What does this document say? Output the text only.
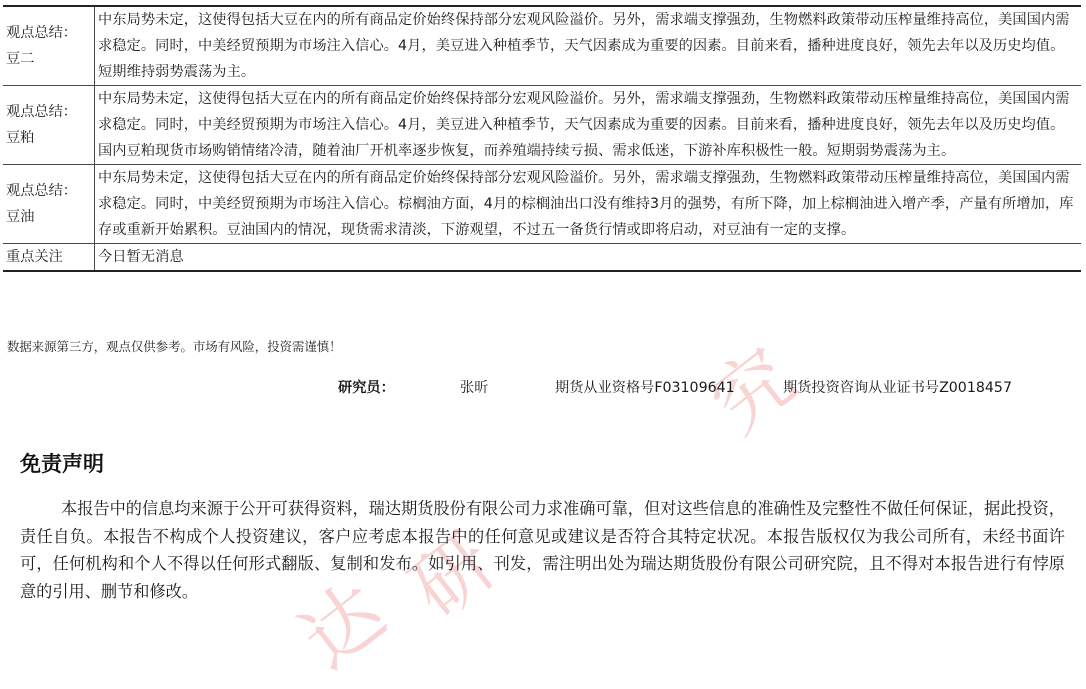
究
研
达
观点总结：
豆二	中东局势未定，这使得包括大豆在内的所有商品定价始终保持部分宏观风险溢价。另外，需求端支撑强劲，生物燃料政策带动压榨量维持高位，美国国内需求稳定。同时，中美经贸预期为市场注入信心。4月，美豆进入种植季节，天气因素成为重要的因素。目前来看，播种进度良好，领先去年以及历史均值。短期维持弱势震荡为主。
观点总结：
豆粕	中东局势未定，这使得包括大豆在内的所有商品定价始终保持部分宏观风险溢价。另外，需求端支撑强劲，生物燃料政策带动压榨量维持高位，美国国内需求稳定。同时，中美经贸预期为市场注入信心。4月，美豆进入种植季节，天气因素成为重要的因素。目前来看，播种进度良好，领先去年以及历史均值。国内豆粕现货市场购销情绪冷清，随着油厂开机率逐步恢复，而养殖端持续亏损、需求低迷，下游补库积极性一般。短期弱势震荡为主。
观点总结：
豆油	中东局势未定，这使得包括大豆在内的所有商品定价始终保持部分宏观风险溢价。另外，需求端支撑强劲，生物燃料政策带动压榨量维持高位，美国国内需求稳定。同时，中美经贸预期为市场注入信心。棕榈油方面，4月的棕榈油出口没有维持3月的强势，有所下降，加上棕榈油进入增产季，产量有所增加，库存或重新开始累积。豆油国内的情况，现货需求清淡，下游观望，不过五一备货行情或即将启动，对豆油有一定的支撑。
重点关注	今日暂无消息
数据来源第三方，观点仅供参考。市场有风险，投资需谨慎！
研究员：	张昕	期货从业资格号F03109641	期货投资咨询从业证书号Z0018457
免责声明

本报告中的信息均来源于公开可获得资料，瑞达期货股份有限公司力求准确可靠，但对这些信息的准确性及完整性不做任何保证，据此投资，责任自负。本报告不构成个人投资建议，客户应考虑本报告中的任何意见或建议是否符合其特定状况。本报告版权仅为我公司所有，未经书面许可，任何机构和个人不得以任何形式翻版、复制和发布。如引用、刊发，需注明出处为瑞达期货股份有限公司研究院，且不得对本报告进行有悖原意的引用、删节和修改。
